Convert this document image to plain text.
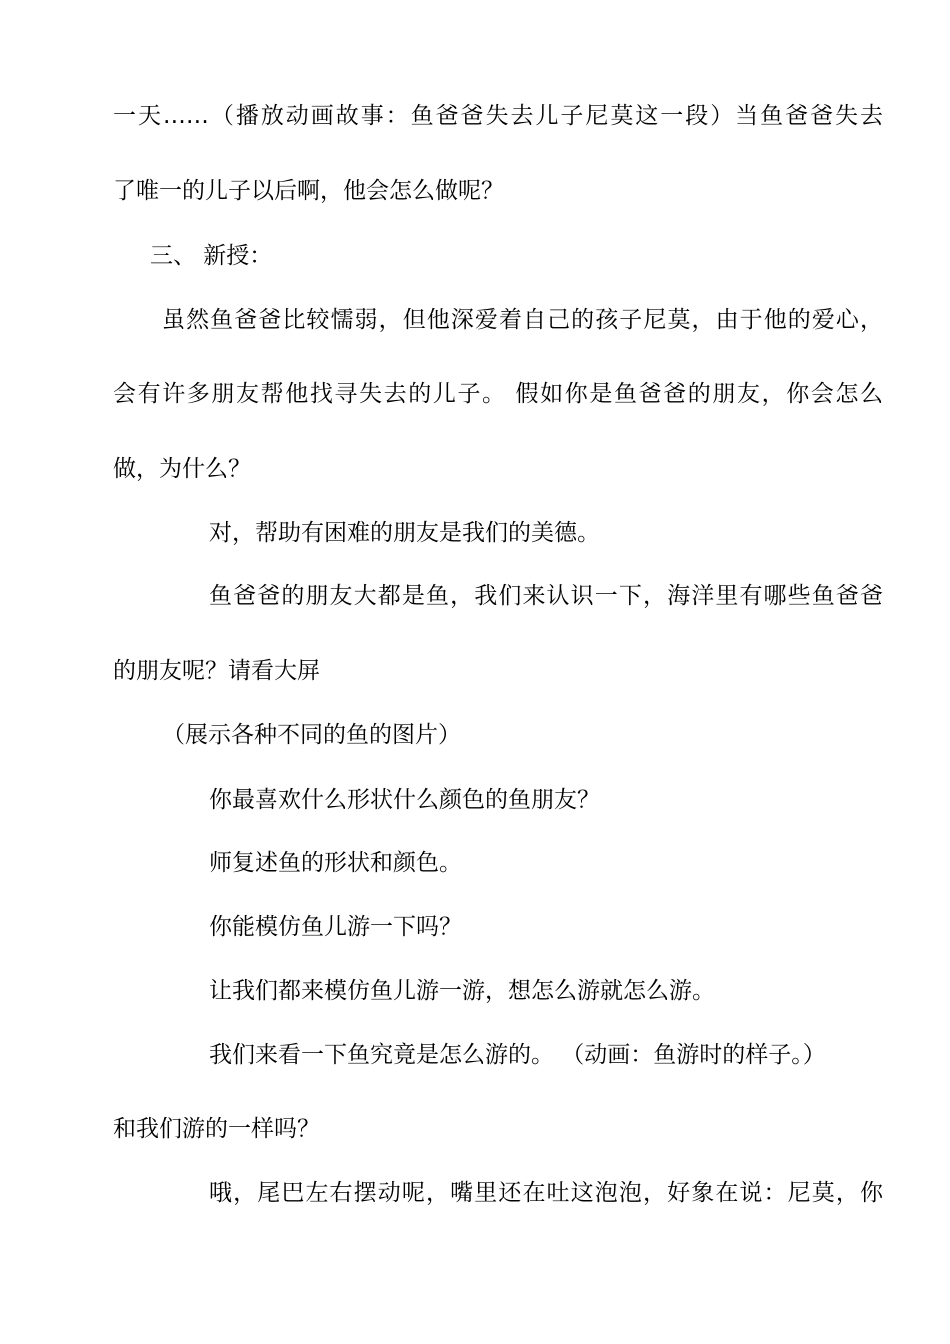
一天……（播放动画故事：鱼爸爸失去儿子尼莫这一段）当鱼爸爸失去
了唯一的儿子以后啊，他会怎么做呢？
三、 新授：
虽然鱼爸爸比较懦弱，但他深爱着自己的孩子尼莫，由于他的爱心，
会有许多朋友帮他找寻失去的儿子。 假如你是鱼爸爸的朋友，你会怎么
做，为什么？
对，帮助有困难的朋友是我们的美德。
鱼爸爸的朋友大都是鱼，我们来认识一下，海洋里有哪些鱼爸爸
的朋友呢？请看大屏
（展示各种不同的鱼的图片）
你最喜欢什么形状什么颜色的鱼朋友？
师复述鱼的形状和颜色。
你能模仿鱼儿游一下吗？
让我们都来模仿鱼儿游一游，想怎么游就怎么游。
我们来看一下鱼究竟是怎么游的。 （动画：鱼游时的样子。）
和我们游的一样吗？
哦，尾巴左右摆动呢，嘴里还在吐这泡泡，好象在说：尼莫，你
